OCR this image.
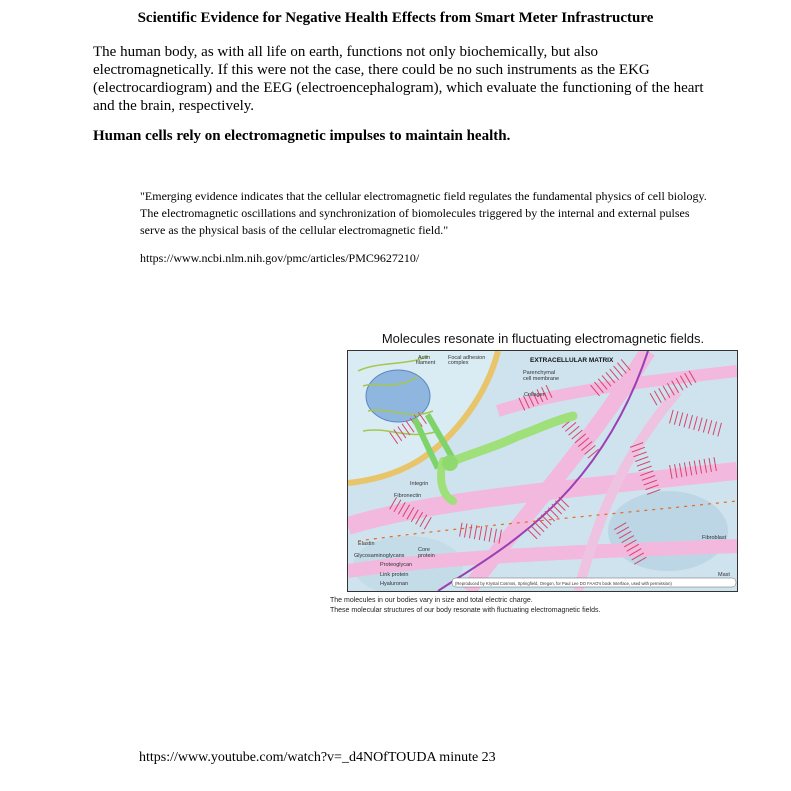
Scientific Evidence for Negative Health Effects from Smart Meter Infrastructure
The human body, as with all life on earth, functions not only biochemically, but also electromagnetically. If this were not the case, there could be no such instruments as the EKG (electrocardiogram) and the EEG (electroencephalogram), which evaluate the functioning of the heart and the brain, respectively.
Human cells rely on electromagnetic impulses to maintain health.
"Emerging evidence indicates that the cellular electromagnetic field regulates the fundamental physics of cell biology. The electromagnetic oscillations and synchronization of biomolecules triggered by the internal and external pulses serve as the physical basis of the cellular electromagnetic field."
https://www.ncbi.nlm.nih.gov/pmc/articles/PMC9627210/
Molecules resonate in fluctuating electromagnetic fields.
Actin
filament
Focal adhesion
complex	EXTRACELLULAR MATRIX
Parenchymal
cell membrane
Collagen
Integrin
Fibronectin
Elastin
Core
protein
Glycosaminoglycans
Proteoglycan
Link protein
Hyaluronan
Fibroblast
Mast
(Reproduced by Krystal Cosmos, Springfield, Oregon, for Paul Lee DO FAAO's book Interface, used with permission)
The molecules in our bodies vary in size and total electric charge.
These molecular structures of our body resonate with fluctuating electromagnetic fields.
https://www.youtube.com/watch?v=_d4NOfTOUDA minute 23
